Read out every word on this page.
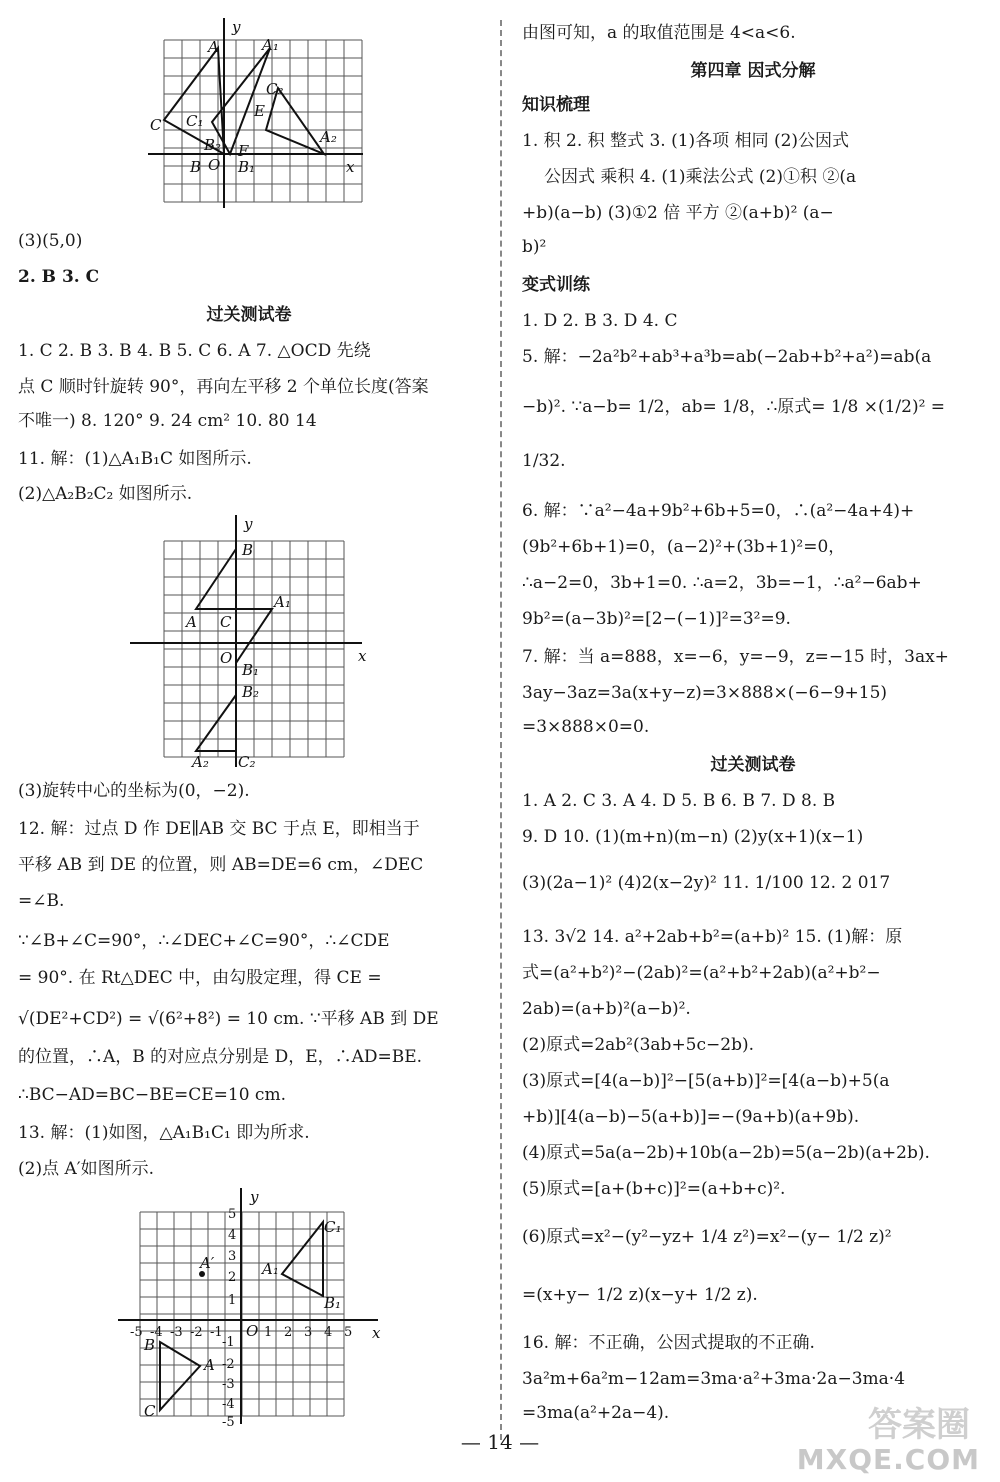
y
x
A	A₁
C C₁
C₂
E
A₂
B₂ F
B O B₁
(3)(5,0)
2. B 3. C
过关测试卷
1. C 2. B 3. B 4. B 5. C 6. A 7. △OCD 先绕
点 C 顺时针旋转 90°，再向左平移 2 个单位长度(答案
不唯一) 8. 120° 9. 24 cm² 10. 80 14
11. 解：(1)△A₁B₁C 如图所示.
(2)△A₂B₂C₂ 如图所示.
y
x
B
A₁
A C
O
B₁
B₂
A₂ C₂
(3)旋转中心的坐标为(0，−2).
12. 解：过点 D 作 DE∥AB 交 BC 于点 E，即相当于
平移 AB 到 DE 的位置，则 AB=DE=6 cm，∠DEC
=∠B.
∵∠B+∠C=90°，∴∠DEC+∠C=90°，∴∠CDE
= 90°. 在 Rt△DEC 中，由勾股定理，得 CE =
√(DE²+CD²) = √(6²+8²) = 10 cm. ∵平移 AB 到 DE
的位置，∴A，B 的对应点分别是 D，E，∴AD=BE.
∴BC−AD=BC−BE=CE=10 cm.
13. 解：(1)如图，△A₁B₁C₁ 即为所求.
(2)点 A′如图所示.
y
x
C₁
A′	A₁
B₁
O
B
A
C
-5 -4 -3 -2 -1	1 2 3 4 5
5
4
3
2
1
-1
-2
-3
-4
-5
由图可知，a 的取值范围是 4<a<6.
第四章 因式分解
知识梳理
1. 积 2. 积 整式 3. (1)各项 相同 (2)公因式
公因式 乘积 4. (1)乘法公式 (2)①积 ②(a
+b)(a−b) (3)①2 倍 平方 ②(a+b)² (a−
b)²
变式训练
1. D 2. B 3. D 4. C
5. 解：−2a²b²+ab³+a³b=ab(−2ab+b²+a²)=ab(a
−b)². ∵a−b= 1/2，ab= 1/8，∴原式= 1/8 ×(1/2)² =
1/32.
6. 解：∵a²−4a+9b²+6b+5=0，∴(a²−4a+4)+
(9b²+6b+1)=0，(a−2)²+(3b+1)²=0，
∴a−2=0，3b+1=0. ∴a=2，3b=−1，∴a²−6ab+
9b²=(a−3b)²=[2−(−1)]²=3²=9.
7. 解：当 a=888，x=−6，y=−9，z=−15 时，3ax+
3ay−3az=3a(x+y−z)=3×888×(−6−9+15)
=3×888×0=0.
过关测试卷
1. A 2. C 3. A 4. D 5. B 6. B 7. D 8. B
9. D 10. (1)(m+n)(m−n) (2)y(x+1)(x−1)
(3)(2a−1)² (4)2(x−2y)² 11. 1/100 12. 2 017
13. 3√2 14. a²+2ab+b²=(a+b)² 15. (1)解：原
式=(a²+b²)²−(2ab)²=(a²+b²+2ab)(a²+b²−
2ab)=(a+b)²(a−b)².
(2)原式=2ab²(3ab+5c−2b).
(3)原式=[4(a−b)]²−[5(a+b)]²=[4(a−b)+5(a
+b)][4(a−b)−5(a+b)]=−(9a+b)(a+9b).
(4)原式=5a(a−2b)+10b(a−2b)=5(a−2b)(a+2b).
(5)原式=[a+(b+c)]²=(a+b+c)².
(6)原式=x²−(y²−yz+ 1/4 z²)=x²−(y− 1/2 z)²
=(x+y− 1/2 z)(x−y+ 1/2 z).
16. 解：不正确，公因式提取的不正确.
3a²m+6a²m−12am=3ma·a²+3ma·2a−3ma·4
=3ma(a²+2a−4).
— 14 —	答案圈
MXQE.COM
